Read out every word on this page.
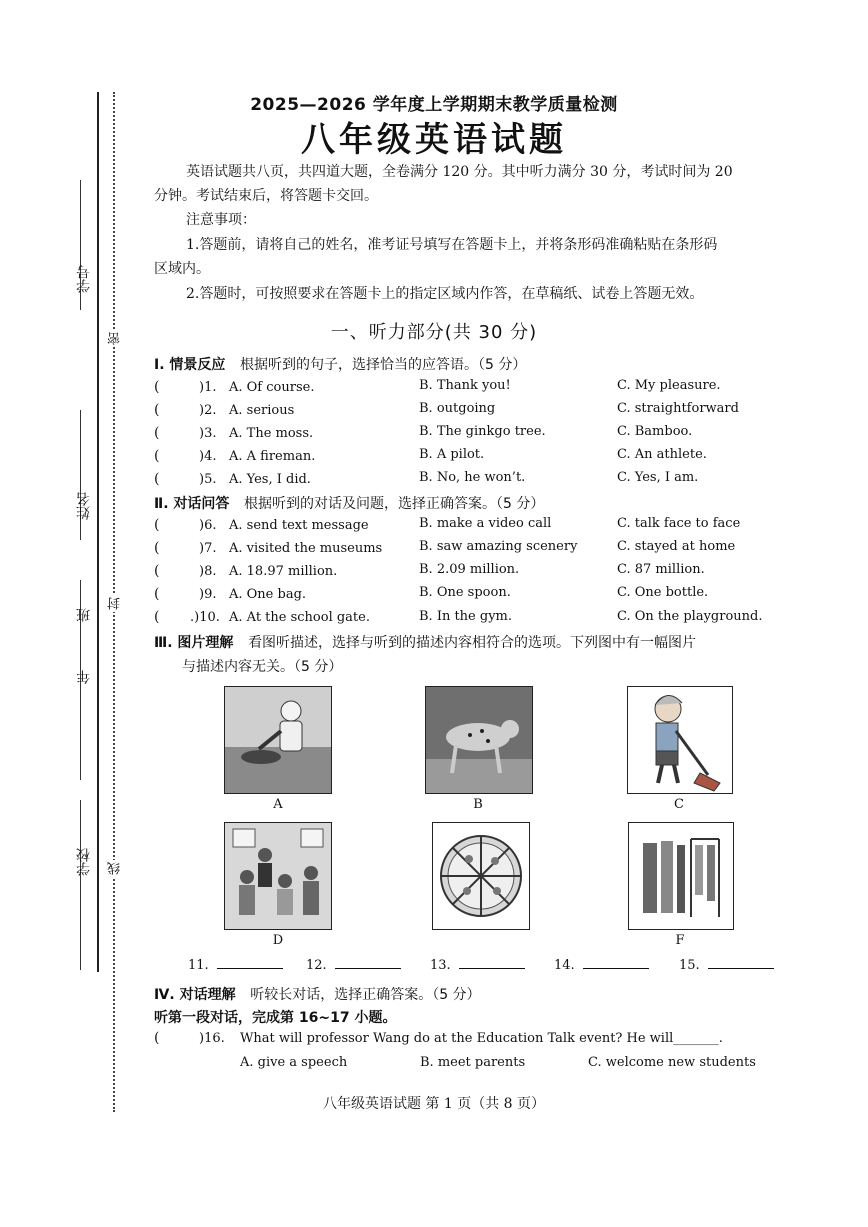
学号
姓名
班
年
学校
密
封
线
2025—2026 学年度上学期期末教学质量检测
八年级英语试题
英语试题共八页，共四道大题，全卷满分 120 分。其中听力满分 30 分，考试时间为 20
分钟。考试结束后，将答题卡交回。
注意事项：
1.答题前，请将自己的姓名，准考证号填写在答题卡上，并将条形码准确粘贴在条形码
区域内。
2.答题时，可按照要求在答题卡上的指定区域内作答，在草稿纸、试卷上答题无效。
一、听力部分(共 30 分)
Ⅰ. 情景反应 根据听到的句子，选择恰当的应答语。（5 分）
(	)1. A. Of course.	B. Thank you!	C. My pleasure.
(	)2. A. serious	B. outgoing	C. straightforward
(	)3. A. The moss.	B. The ginkgo tree.	C. Bamboo.
(	)4. A. A fireman.	B. A pilot.	C. An athlete.
(	)5. A. Yes, I did.	B. No, he won’t.	C. Yes, I am.
Ⅱ. 对话问答 根据听到的对话及问题，选择正确答案。（5 分）
(	)6. A. send text message	B. make a video call	C. talk face to face
(	)7. A. visited the museums	B. saw amazing scenery	C. stayed at home
(	)8. A. 18.97 million.	B. 2.09 million.	C. 87 million.
(	)9. A. One bag.	B. One spoon.	C. One bottle.
( .)10. A. At the school gate.	B. In the gym.	C. On the playground.
Ⅲ. 图片理解 看图听描述，选择与听到的描述内容相符合的选项。下列图中有一幅图片
与描述内容无关。（5 分）
A	B	C
D	F
11.	12.	13.	14.	15.
Ⅳ. 对话理解 听较长对话，选择正确答案。（5 分）
听第一段对话，完成第 16~17 小题。
(	)16. What will professor Wang do at the Education Talk event? He will_______.
A. give a speech	B. meet parents	C. welcome new students
八年级英语试题 第 1 页（共 8 页）
